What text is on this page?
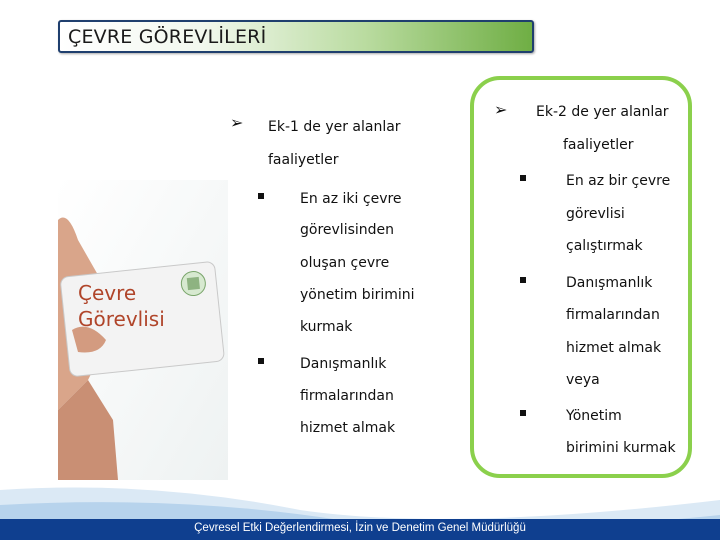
ÇEVRE GÖREVLİLERİ
Çevre
Görevlisi
➢ Ek-1 de yer alanlar
faaliyetler
En az iki çevre
görevlisinden
oluşan çevre
yönetim birimini
kurmak
Danışmanlık
firmalarından
hizmet almak
➢ Ek-2 de yer alanlar
faaliyetler
En az bir çevre
görevlisi
çalıştırmak
Danışmanlık
firmalarından
hizmet almak
veya
Yönetim
birimini kurmak
Çevresel Etki Değerlendirmesi, İzin ve Denetim Genel Müdürlüğü
